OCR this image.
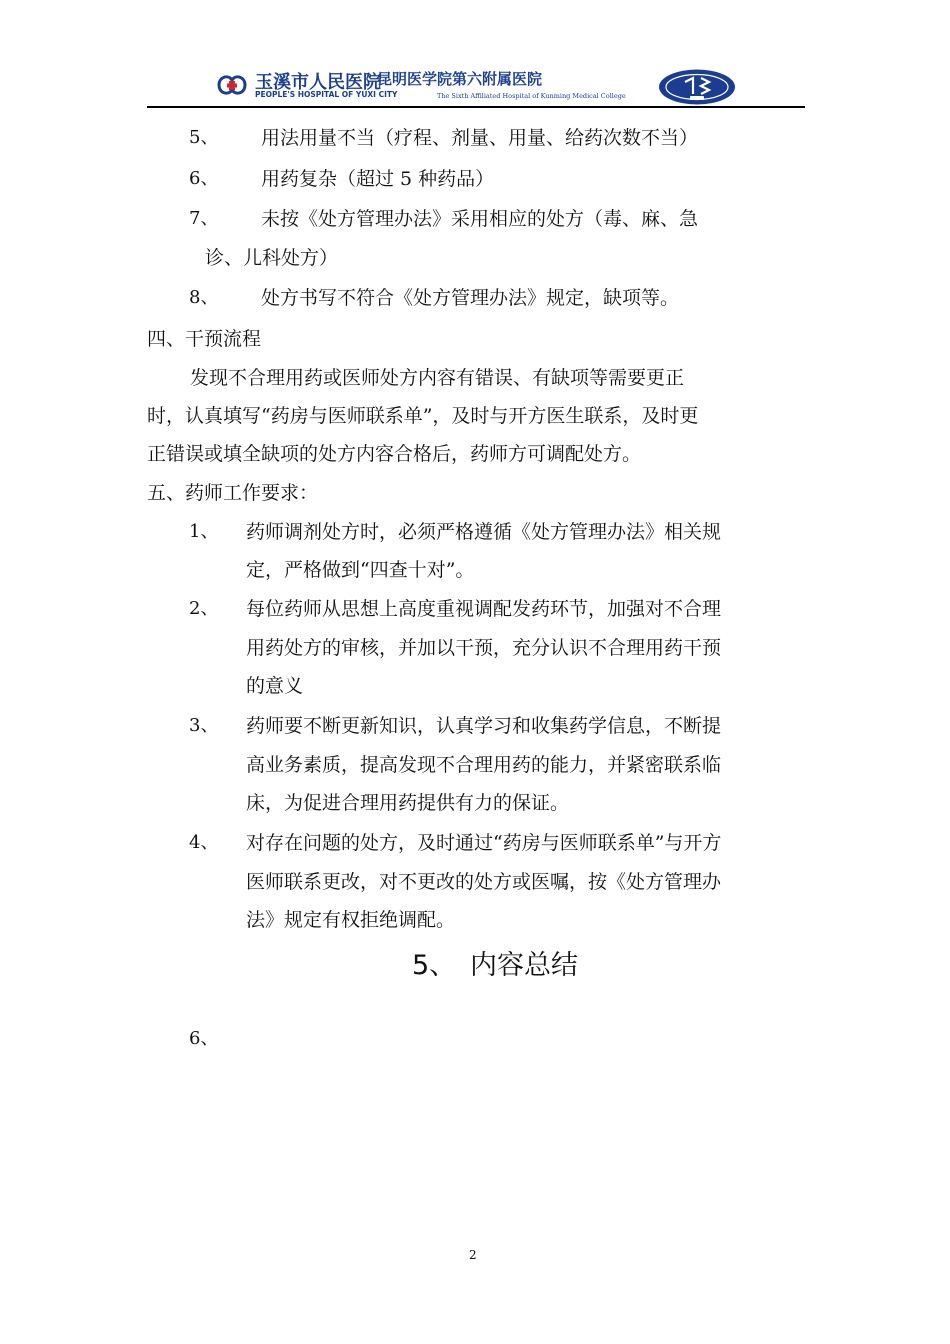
玉溪市人民医院
PEOPLE'S HOSPITAL OF YUXI CITY
昆明医学院第六附属医院
The Sixth Affiliated Hospital of Kunming Medical College
5、 用法用量不当（疗程、剂量、用量、给药次数不当）
6、 用药复杂（超过 5 种药品）
7、 未按《处方管理办法》采用相应的处方（毒、麻、急
诊、儿科处方）
8、 处方书写不符合《处方管理办法》规定，缺项等。
四、干预流程
发现不合理用药或医师处方内容有错误、有缺项等需要更正
时，认真填写“药房与医师联系单”，及时与开方医生联系，及时更
正错误或填全缺项的处方内容合格后，药师方可调配处方。
五、药师工作要求：
1、 药师调剂处方时，必须严格遵循《处方管理办法》相关规
定，严格做到“四查十对”。
2、 每位药师从思想上高度重视调配发药环节，加强对不合理
用药处方的审核，并加以干预，充分认识不合理用药干预
的意义
3、 药师要不断更新知识，认真学习和收集药学信息，不断提
高业务素质，提高发现不合理用药的能力，并紧密联系临
床，为促进合理用药提供有力的保证。
4、 对存在问题的处方，及时通过“药房与医师联系单”与开方
医师联系更改，对不更改的处方或医嘱，按《处方管理办
法》规定有权拒绝调配。
5、 内容总结
6、
2
